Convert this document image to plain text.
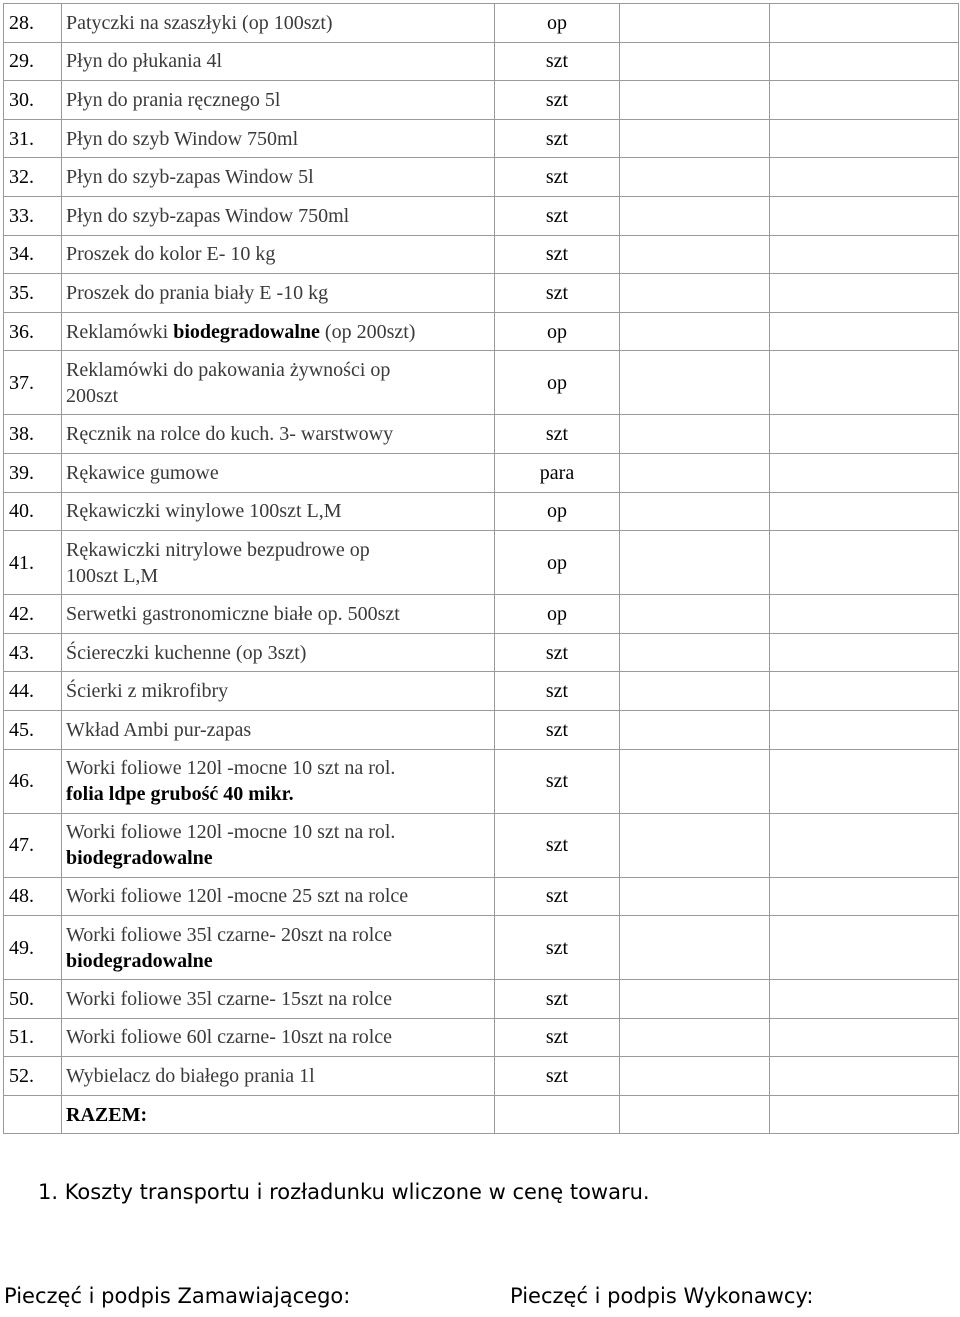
28.	Patyczki na szaszłyki (op 100szt)	op		
29.	Płyn do płukania 4l	szt		
30.	Płyn do prania ręcznego 5l	szt		
31.	Płyn do szyb Window 750ml	szt		
32.	Płyn do szyb-zapas Window 5l	szt		
33.	Płyn do szyb-zapas Window 750ml	szt		
34.	Proszek do kolor E- 10 kg	szt		
35.	Proszek do prania biały E -10 kg	szt		
36.	Reklamówki biodegradowalne (op 200szt)	op		
37.	Reklamówki do pakowania żywności op
200szt	op		
38.	Ręcznik na rolce do kuch. 3- warstwowy	szt		
39.	Rękawice gumowe	para		
40.	Rękawiczki winylowe 100szt L,M	op		
41.	Rękawiczki nitrylowe bezpudrowe op
100szt L,M	op		
42.	Serwetki gastronomiczne białe op. 500szt	op		
43.	Ściereczki kuchenne (op 3szt)	szt		
44.	Ścierki z mikrofibry	szt		
45.	Wkład Ambi pur-zapas	szt		
46.	Worki foliowe 120l -mocne 10 szt na rol.
folia ldpe grubość 40 mikr.	szt		
47.	Worki foliowe 120l -mocne 10 szt na rol.
biodegradowalne	szt		
48.	Worki foliowe 120l -mocne 25 szt na rolce	szt		
49.	Worki foliowe 35l czarne- 20szt na rolce
biodegradowalne	szt		
50.	Worki foliowe 35l czarne- 15szt na rolce	szt		
51.	Worki foliowe 60l czarne- 10szt na rolce	szt		
52.	Wybielacz do białego prania 1l	szt		
	RAZEM:			

1. Koszty transportu i rozładunku wliczone w cenę towaru.

Pieczęć i podpis Zamawiającego:	Pieczęć i podpis Wykonawcy:
